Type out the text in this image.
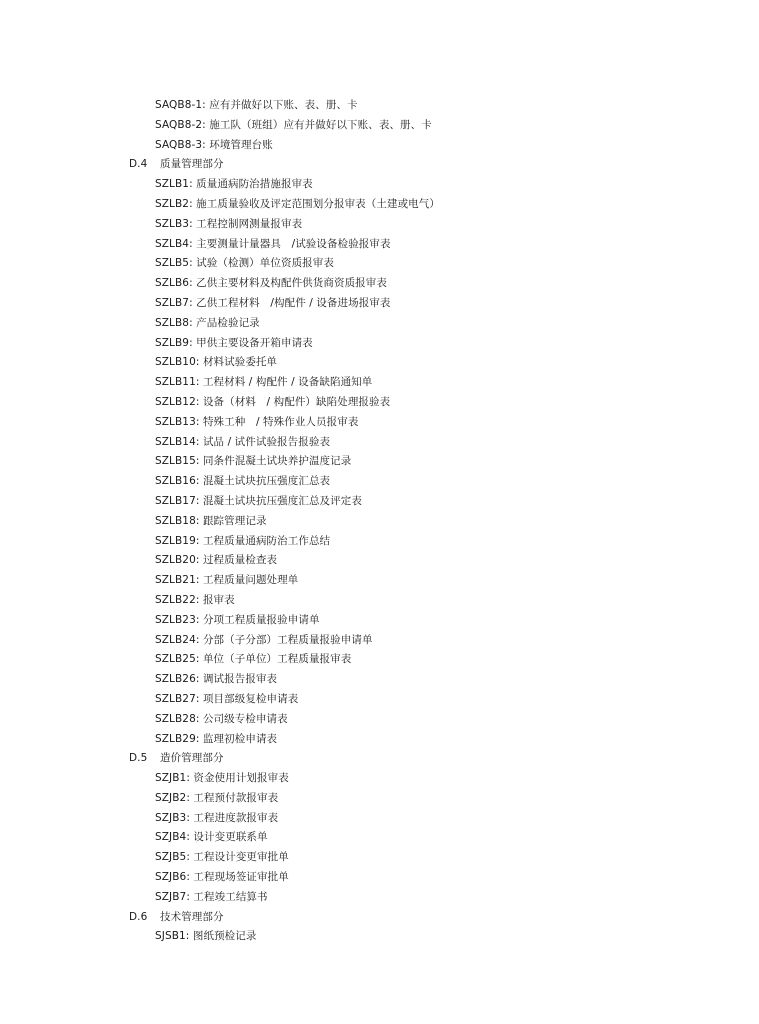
SAQB8-1: 应有并做好以下账、表、册、卡
SAQB8-2: 施工队（班组）应有并做好以下账、表、册、卡
SAQB8-3: 环境管理台账
D.4 质量管理部分
SZLB1: 质量通病防治措施报审表
SZLB2: 施工质量验收及评定范围划分报审表（土建或电气）
SZLB3: 工程控制网测量报审表
SZLB4: 主要测量计量器具　/试验设备检验报审表
SZLB5: 试验（检测）单位资质报审表
SZLB6: 乙供主要材料及构配件供货商资质报审表
SZLB7: 乙供工程材料　/构配件 / 设备进场报审表
SZLB8: 产品检验记录
SZLB9: 甲供主要设备开箱申请表
SZLB10: 材料试验委托单
SZLB11: 工程材料 / 构配件 / 设备缺陷通知单
SZLB12: 设备（材料　/ 构配件）缺陷处理报验表
SZLB13: 特殊工种　/ 特殊作业人员报审表
SZLB14: 试品 / 试件试验报告报验表
SZLB15: 同条件混凝土试块养护温度记录
SZLB16: 混凝土试块抗压强度汇总表
SZLB17: 混凝土试块抗压强度汇总及评定表
SZLB18: 跟踪管理记录
SZLB19: 工程质量通病防治工作总结
SZLB20: 过程质量检查表
SZLB21: 工程质量问题处理单
SZLB22: 报审表
SZLB23: 分项工程质量报验申请单
SZLB24: 分部（子分部）工程质量报验申请单
SZLB25: 单位（子单位）工程质量报审表
SZLB26: 调试报告报审表
SZLB27: 项目部级复检申请表
SZLB28: 公司级专检申请表
SZLB29: 监理初检申请表
D.5 造价管理部分
SZJB1: 资金使用计划报审表
SZJB2: 工程预付款报审表
SZJB3: 工程进度款报审表
SZJB4: 设计变更联系单
SZJB5: 工程设计变更审批单
SZJB6: 工程现场签证审批单
SZJB7: 工程竣工结算书
D.6 技术管理部分
SJSB1: 图纸预检记录
